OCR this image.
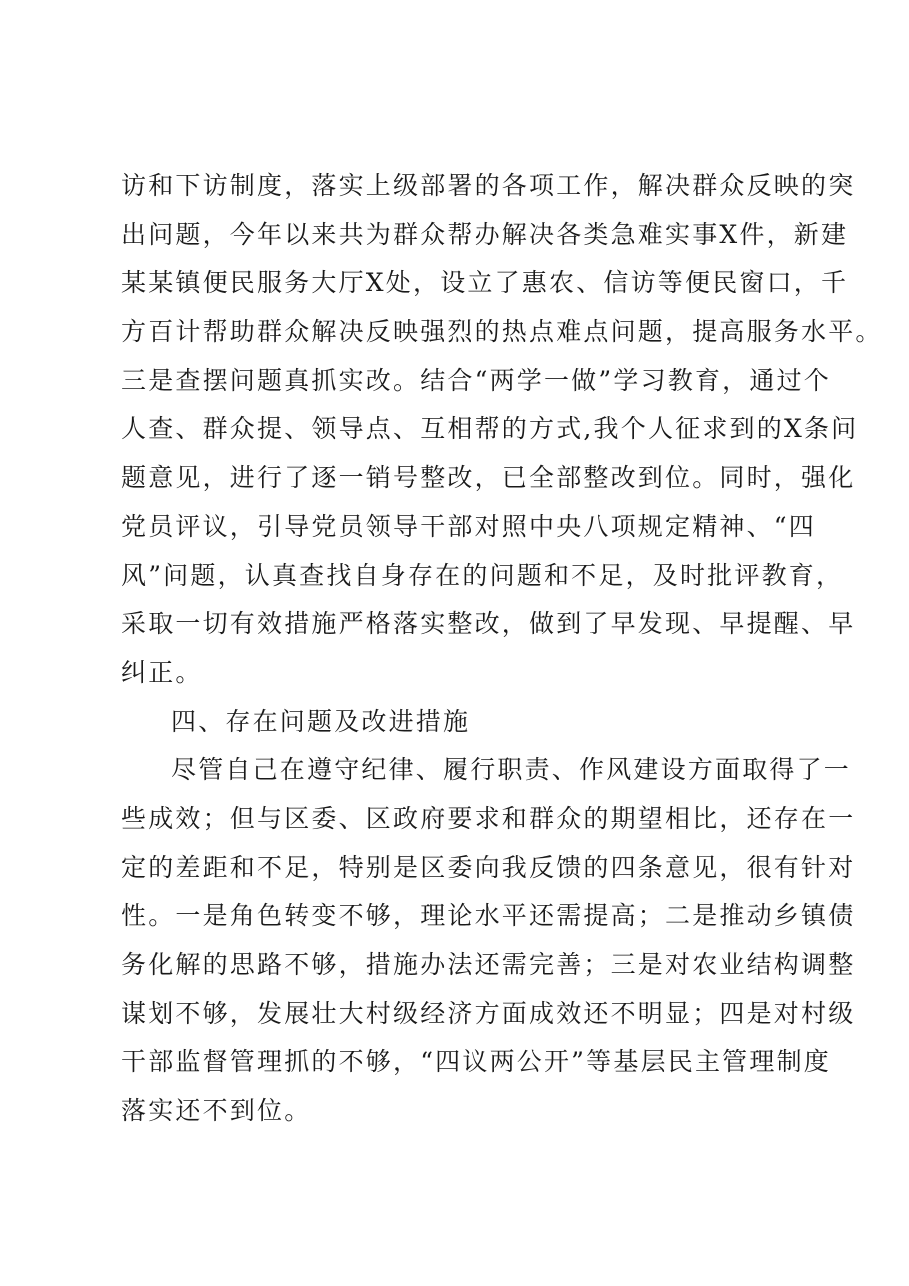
访和下访制度，落实上级部署的各项工作，解决群众反映的突
出问题，今年以来共为群众帮办解决各类急难实事X件，新建
某某镇便民服务大厅X处，设立了惠农、信访等便民窗口，千
方百计帮助群众解决反映强烈的热点难点问题，提高服务水平。
三是查摆问题真抓实改。结合“两学一做”学习教育，通过个
人查、群众提、领导点、互相帮的方式,我个人征求到的X条问
题意见，进行了逐一销号整改，已全部整改到位。同时，强化
党员评议，引导党员领导干部对照中央八项规定精神、“四
风”问题，认真查找自身存在的问题和不足，及时批评教育，
采取一切有效措施严格落实整改，做到了早发现、早提醒、早
纠正。
四、存在问题及改进措施
尽管自己在遵守纪律、履行职责、作风建设方面取得了一
些成效；但与区委、区政府要求和群众的期望相比，还存在一
定的差距和不足，特别是区委向我反馈的四条意见，很有针对
性。一是角色转变不够，理论水平还需提高；二是推动乡镇债
务化解的思路不够，措施办法还需完善；三是对农业结构调整
谋划不够，发展壮大村级经济方面成效还不明显；四是对村级
干部监督管理抓的不够，“四议两公开”等基层民主管理制度
落实还不到位。
